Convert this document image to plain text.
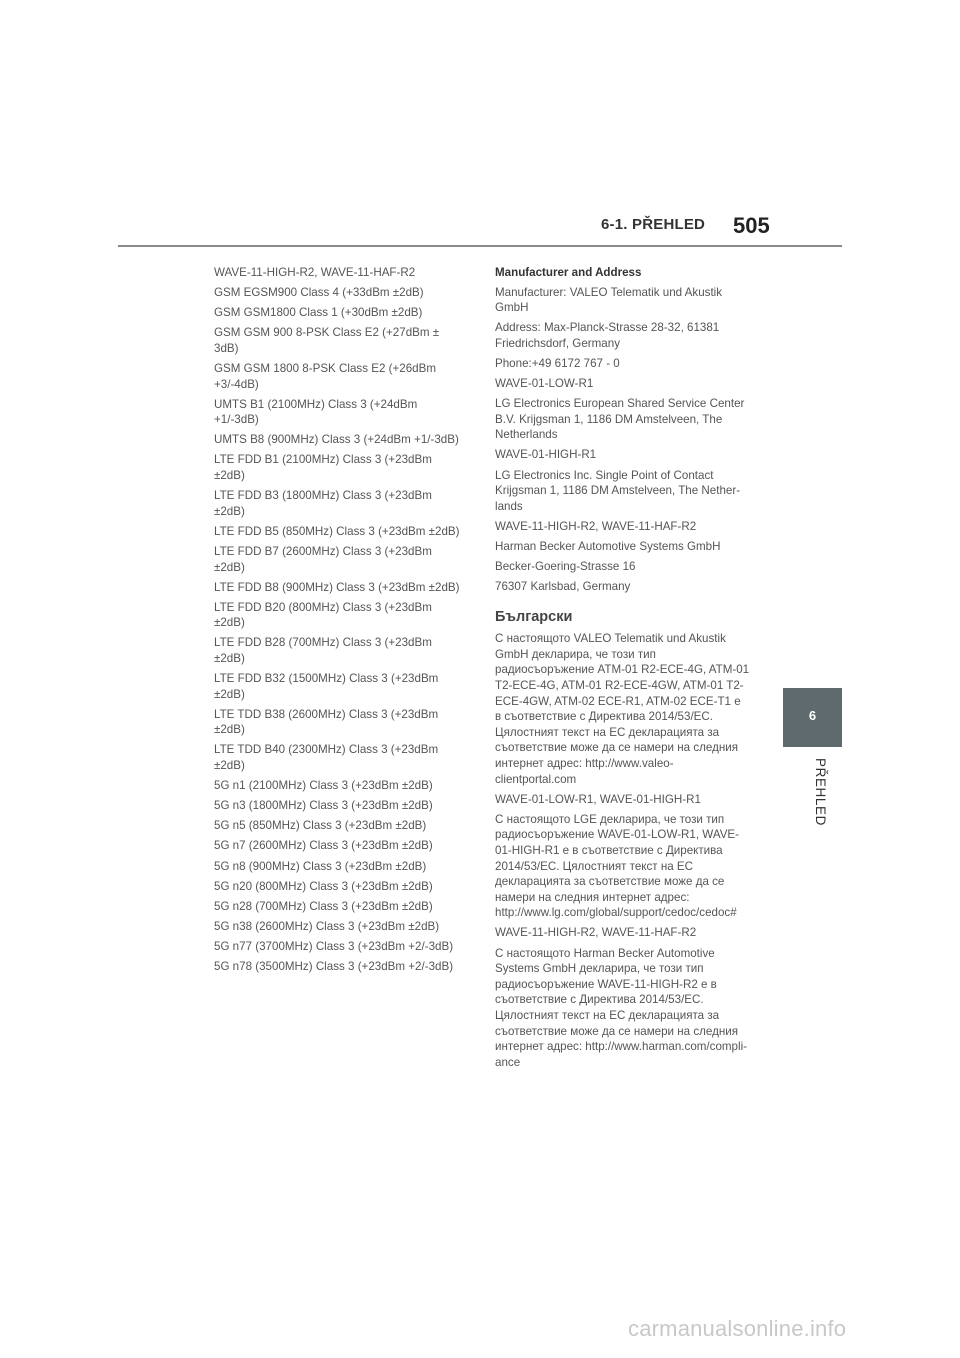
6-1. PŘEHLED 505

WAVE-11-HIGH-R2, WAVE-11-HAF-R2

GSM EGSM900 Class 4 (+33dBm ±2dB)

GSM GSM1800 Class 1 (+30dBm ±2dB)

GSM GSM 900 8-PSK Class E2 (+27dBm ± 3dB)

GSM GSM 1800 8-PSK Class E2 (+26dBm +3/-4dB)

UMTS B1 (2100MHz) Class 3 (+24dBm +1/-3dB)

UMTS B8 (900MHz) Class 3 (+24dBm +1/-3dB)

LTE FDD B1 (2100MHz) Class 3 (+23dBm ±2dB)

LTE FDD B3 (1800MHz) Class 3 (+23dBm ±2dB)

LTE FDD B5 (850MHz) Class 3 (+23dBm ±2dB)

LTE FDD B7 (2600MHz) Class 3 (+23dBm ±2dB)

LTE FDD B8 (900MHz) Class 3 (+23dBm ±2dB)

LTE FDD B20 (800MHz) Class 3 (+23dBm ±2dB)

LTE FDD B28 (700MHz) Class 3 (+23dBm ±2dB)

LTE FDD B32 (1500MHz) Class 3 (+23dBm ±2dB)

LTE TDD B38 (2600MHz) Class 3 (+23dBm ±2dB)

LTE TDD B40 (2300MHz) Class 3 (+23dBm ±2dB)

5G n1 (2100MHz) Class 3 (+23dBm ±2dB)

5G n3 (1800MHz) Class 3 (+23dBm ±2dB)

5G n5 (850MHz) Class 3 (+23dBm ±2dB)

5G n7 (2600MHz) Class 3 (+23dBm ±2dB)

5G n8 (900MHz) Class 3 (+23dBm ±2dB)

5G n20 (800MHz) Class 3 (+23dBm ±2dB)

5G n28 (700MHz) Class 3 (+23dBm ±2dB)

5G n38 (2600MHz) Class 3 (+23dBm ±2dB)

5G n77 (3700MHz) Class 3 (+23dBm +2/-3dB)

5G n78 (3500MHz) Class 3 (+23dBm +2/-3dB)

Manufacturer and Address

Manufacturer: VALEO Telematik und Akustik GmbH

Address: Max-Planck-Strasse 28-32, 61381 Friedrichsdorf, Germany

Phone:+49 6172 767 - 0

WAVE-01-LOW-R1

LG Electronics European Shared Service Center B.V. Krijgsman 1, 1186 DM Amstelveen, The Netherlands

WAVE-01-HIGH-R1

LG Electronics Inc. Single Point of Contact Krijgsman 1, 1186 DM Amstelveen, The Nether-lands

WAVE-11-HIGH-R2, WAVE-11-HAF-R2

Harman Becker Automotive Systems GmbH

Becker-Goering-Strasse 16

76307 Karlsbad, Germany

Български

С настоящото VALEO Telematik und Akustik GmbH декларира, че този тип радиосъоръжение ATM-01 R2-ECE-4G, ATM-01 T2-ECE-4G, ATM-01 R2-ECE-4GW, ATM-01 T2-ECE-4GW, ATM-02 ECE-R1, ATM-02 ECE-T1 е в съответствие с Директива 2014/53/ЕС. Цялостният текст на ЕС декларацията за съответствие може да се намери на следния интернет адрес: http://www.valeo-clientportal.com

WAVE-01-LOW-R1, WAVE-01-HIGH-R1

С настоящото LGE декларира, че този тип радиосъоръжение WAVE-01-LOW-R1, WAVE-01-HIGH-R1 е в съответствие с Директива 2014/53/ЕС. Цялостният текст на ЕС декларацията за съответствие може да се намери на следния интернет адрес: http://www.lg.com/global/support/cedoc/cedoc#

WAVE-11-HIGH-R2, WAVE-11-HAF-R2

С настоящото Harman Becker Automotive Systems GmbH декларира, че този тип радиосъоръжение WAVE-11-HIGH-R2 е в съответствие с Директива 2014/53/ЕС. Цялостният текст на ЕС декларацията за съответствие може да се намери на следния интернет адрес: http://www.harman.com/compli-ance

6
PŘEHLED
carmanualsonline.info
